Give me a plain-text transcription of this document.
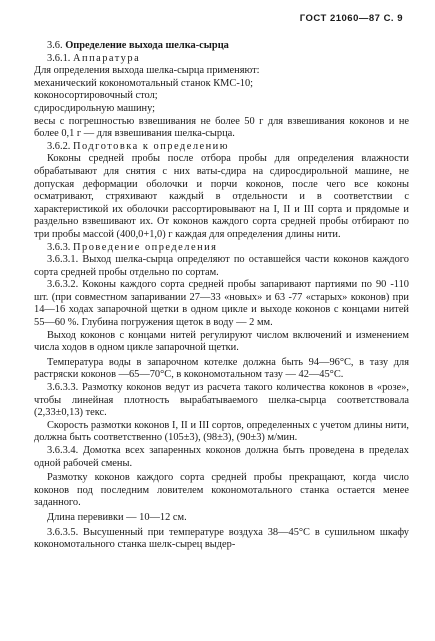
ГОСТ 21060—87 С. 9

3.6. Определение выхода шелка-сырца

3.6.1. Аппаратура

Для определения выхода шелка-сырца применяют:

механический кокономотальный станок КМС-10;

коконосортировочный стол;

сдиросдирольную машину;

весы с погрешностью взвешивания не более 50 г для взвешивания коконов и не более 0,1 г — для взвешивания шелка-сырца.

3.6.2. Подготовка к определению

Коконы средней пробы после отбора пробы для определения влажности обрабатывают для снятия с них ваты-сдира на сдиросдирольной машине, не допуская деформации оболочки и порчи коконов, после чего все коконы осматривают, стряхивают каждый в отдельности и в соответствии с характеристикой их оболочки рассортировывают на I, II и III сорта и прядомые и раздельно взвешивают их. От коконов каждого сорта средней пробы отбирают по три пробы массой (400,0+1,0) г каждая для определения длины нити.

3.6.3. Проведение определения

3.6.3.1. Выход шелка-сырца определяют по оставшейся части коконов каждого сорта средней пробы отдельно по сортам.

3.6.3.2. Коконы каждого сорта средней пробы запаривают партиями по 90 -110 шт. (при совместном запаривании 27—33 «новых» и 63 -77 «старых» коконов) при 14—16 ходах запарочной щетки в одном цикле и выходе коконов с концами нитей 55—60 %. Глубина погружения щеток в воду — 2 мм.

Выход коконов с концами нитей регулируют числом включений и изменением числа ходов в одном цикле запарочной щетки.

Температура воды в запарочном котелке должна быть 94—96°С, в тазу для растряски коконов —65—70°С, в кокономотальном тазу — 42—45°С.

3.6.3.3. Размотку коконов ведут из расчета такого количества коконов в «розе», чтобы линейная плотность вырабатываемого шелка-сырца соответствовала (2,33±0,13) текс.

Скорость размотки коконов I, II и III сортов, определенных с учетом длины нити, должна быть соответственно (105±3), (98±3), (90±3) м/мин.

3.6.3.4. Домотка всех запаренных коконов должна быть проведена в пределах одной рабочей смены.

Размотку коконов каждого сорта средней пробы прекращают, когда число коконов под последним ловителем кокономотального станка остается менее заданного.

Длина перевивки — 10—12 см.

3.6.3.5. Высушенный при температуре воздуха 38—45°С в сушильном шкафу кокономотального станка шелк-сырец выдер-
